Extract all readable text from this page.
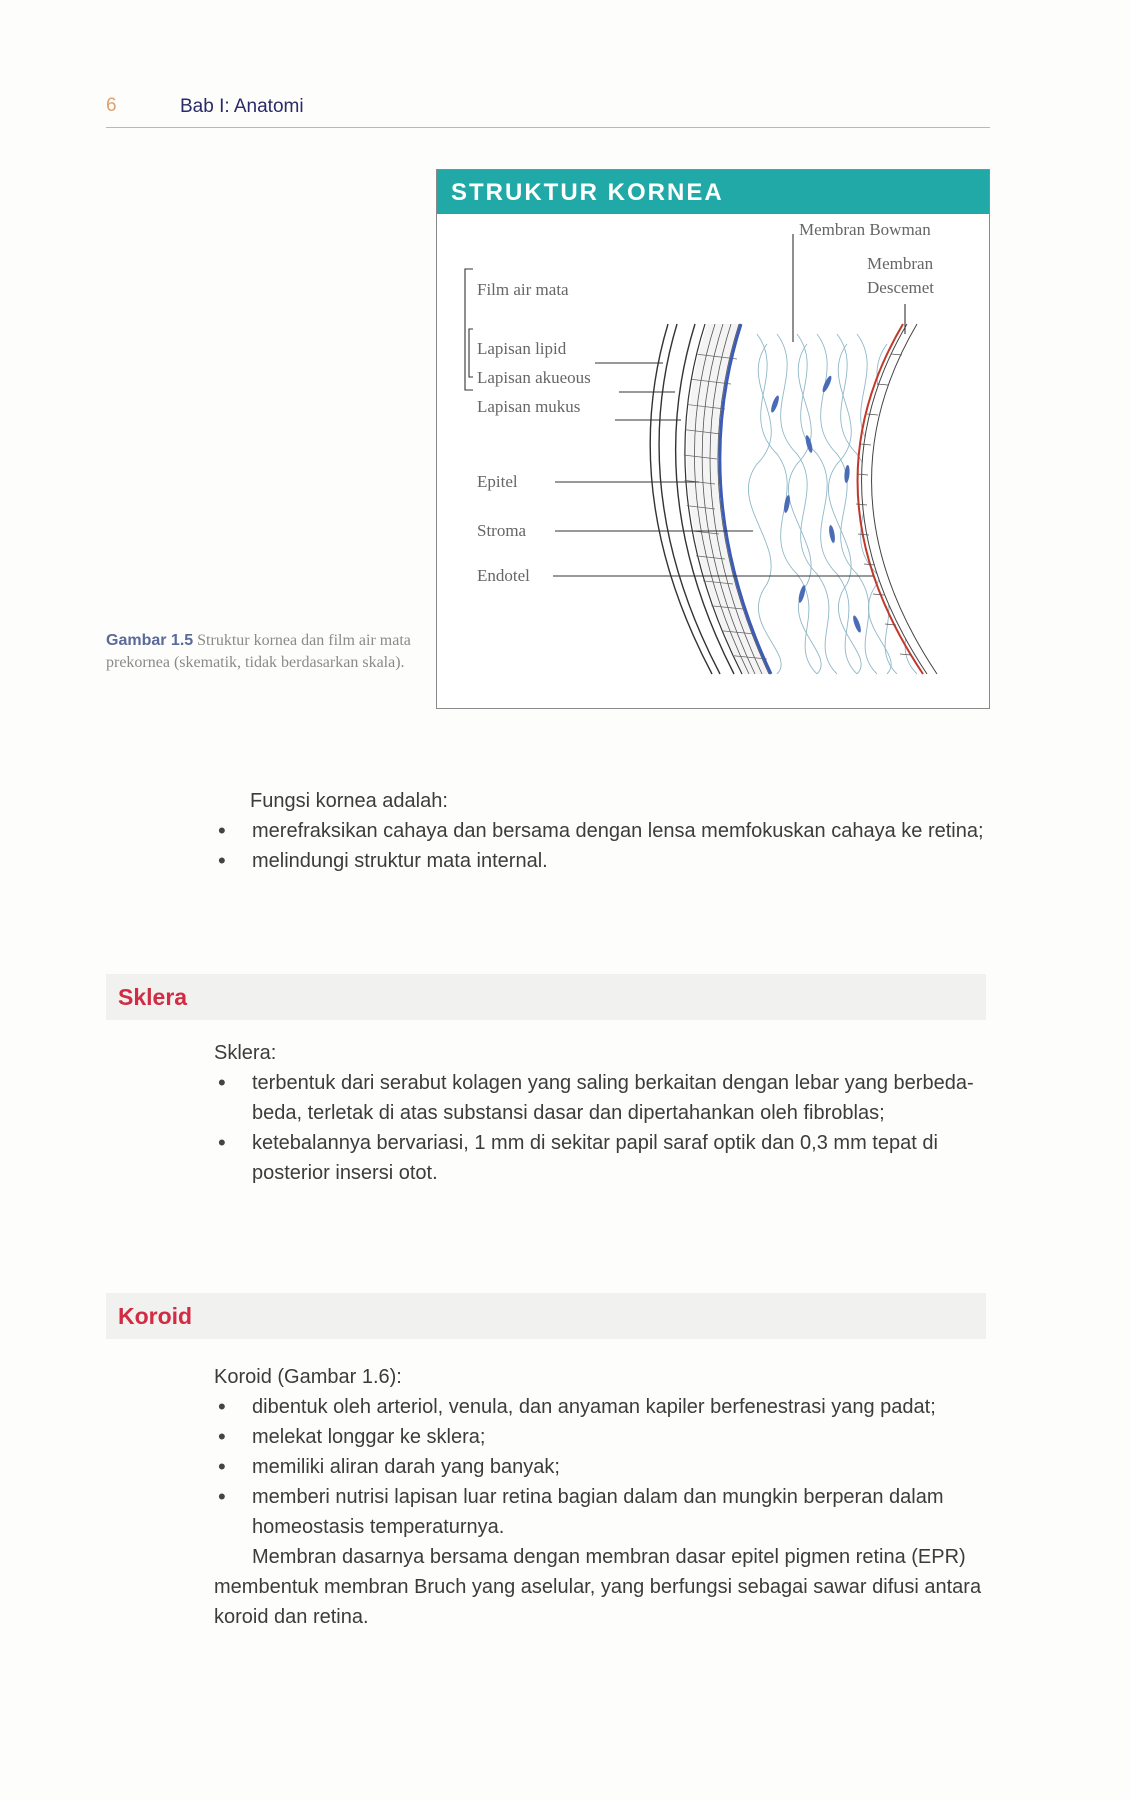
6	Bab I: Anatomi
STRUKTUR KORNEA
Membran Bowman
Membran
Descemet
Film air mata
Lapisan lipid
Lapisan akueous
Lapisan mukus
Epitel
Stroma
Endotel
Gambar 1.5 Struktur kornea dan film air mata prekornea (skematik, tidak berdasarkan skala).

Fungsi kornea adalah:

• merefraksikan cahaya dan bersama dengan lensa memfokuskan cahaya ke retina;

• melindungi struktur mata internal.

Sklera

Sklera:

• terbentuk dari serabut kolagen yang saling berkaitan dengan lebar yang berbeda-beda, terletak di atas substansi dasar dan dipertahankan oleh fibroblas;

• ketebalannya bervariasi, 1 mm di sekitar papil saraf optik dan 0,3 mm tepat di posterior insersi otot.

Koroid

Koroid (Gambar 1.6):

• dibentuk oleh arteriol, venula, dan anyaman kapiler berfenestrasi yang padat;

• melekat longgar ke sklera;

• memiliki aliran darah yang banyak;

• memberi nutrisi lapisan luar retina bagian dalam dan mungkin berperan dalam homeostasis temperaturnya.

Membran dasarnya bersama dengan membran dasar epitel pigmen retina (EPR) membentuk membran Bruch yang aselular, yang berfungsi sebagai sawar difusi antara koroid dan retina.
